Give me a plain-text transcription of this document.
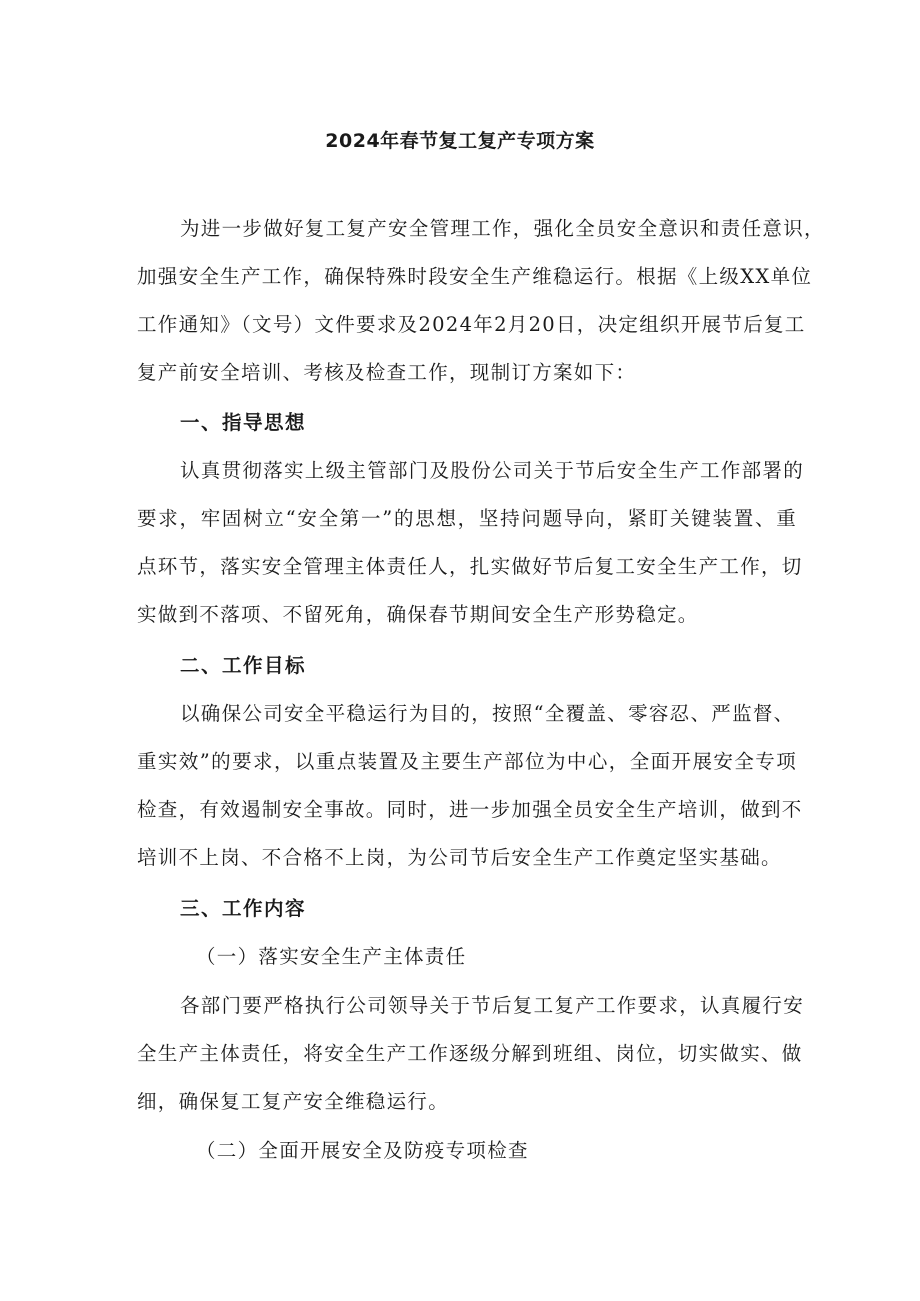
2024年春节复工复产专项方案
为进一步做好复工复产安全管理工作，强化全员安全意识和责任意识，
加强安全生产工作，确保特殊时段安全生产维稳运行。根据《上级XX单位
工作通知》（文号）文件要求及2024年2月20日，决定组织开展节后复工
复产前安全培训、考核及检查工作，现制订方案如下：
一、指导思想
认真贯彻落实上级主管部门及股份公司关于节后安全生产工作部署的
要求，牢固树立“安全第一”的思想，坚持问题导向，紧盯关键装置、重
点环节，落实安全管理主体责任人，扎实做好节后复工安全生产工作，切
实做到不落项、不留死角，确保春节期间安全生产形势稳定。
二、工作目标
以确保公司安全平稳运行为目的，按照“全覆盖、零容忍、严监督、
重实效”的要求，以重点装置及主要生产部位为中心，全面开展安全专项
检查，有效遏制安全事故。同时，进一步加强全员安全生产培训，做到不
培训不上岗、不合格不上岗，为公司节后安全生产工作奠定坚实基础。
三、工作内容
（一）落实安全生产主体责任
各部门要严格执行公司领导关于节后复工复产工作要求，认真履行安
全生产主体责任，将安全生产工作逐级分解到班组、岗位，切实做实、做
细，确保复工复产安全维稳运行。
（二）全面开展安全及防疫专项检查
